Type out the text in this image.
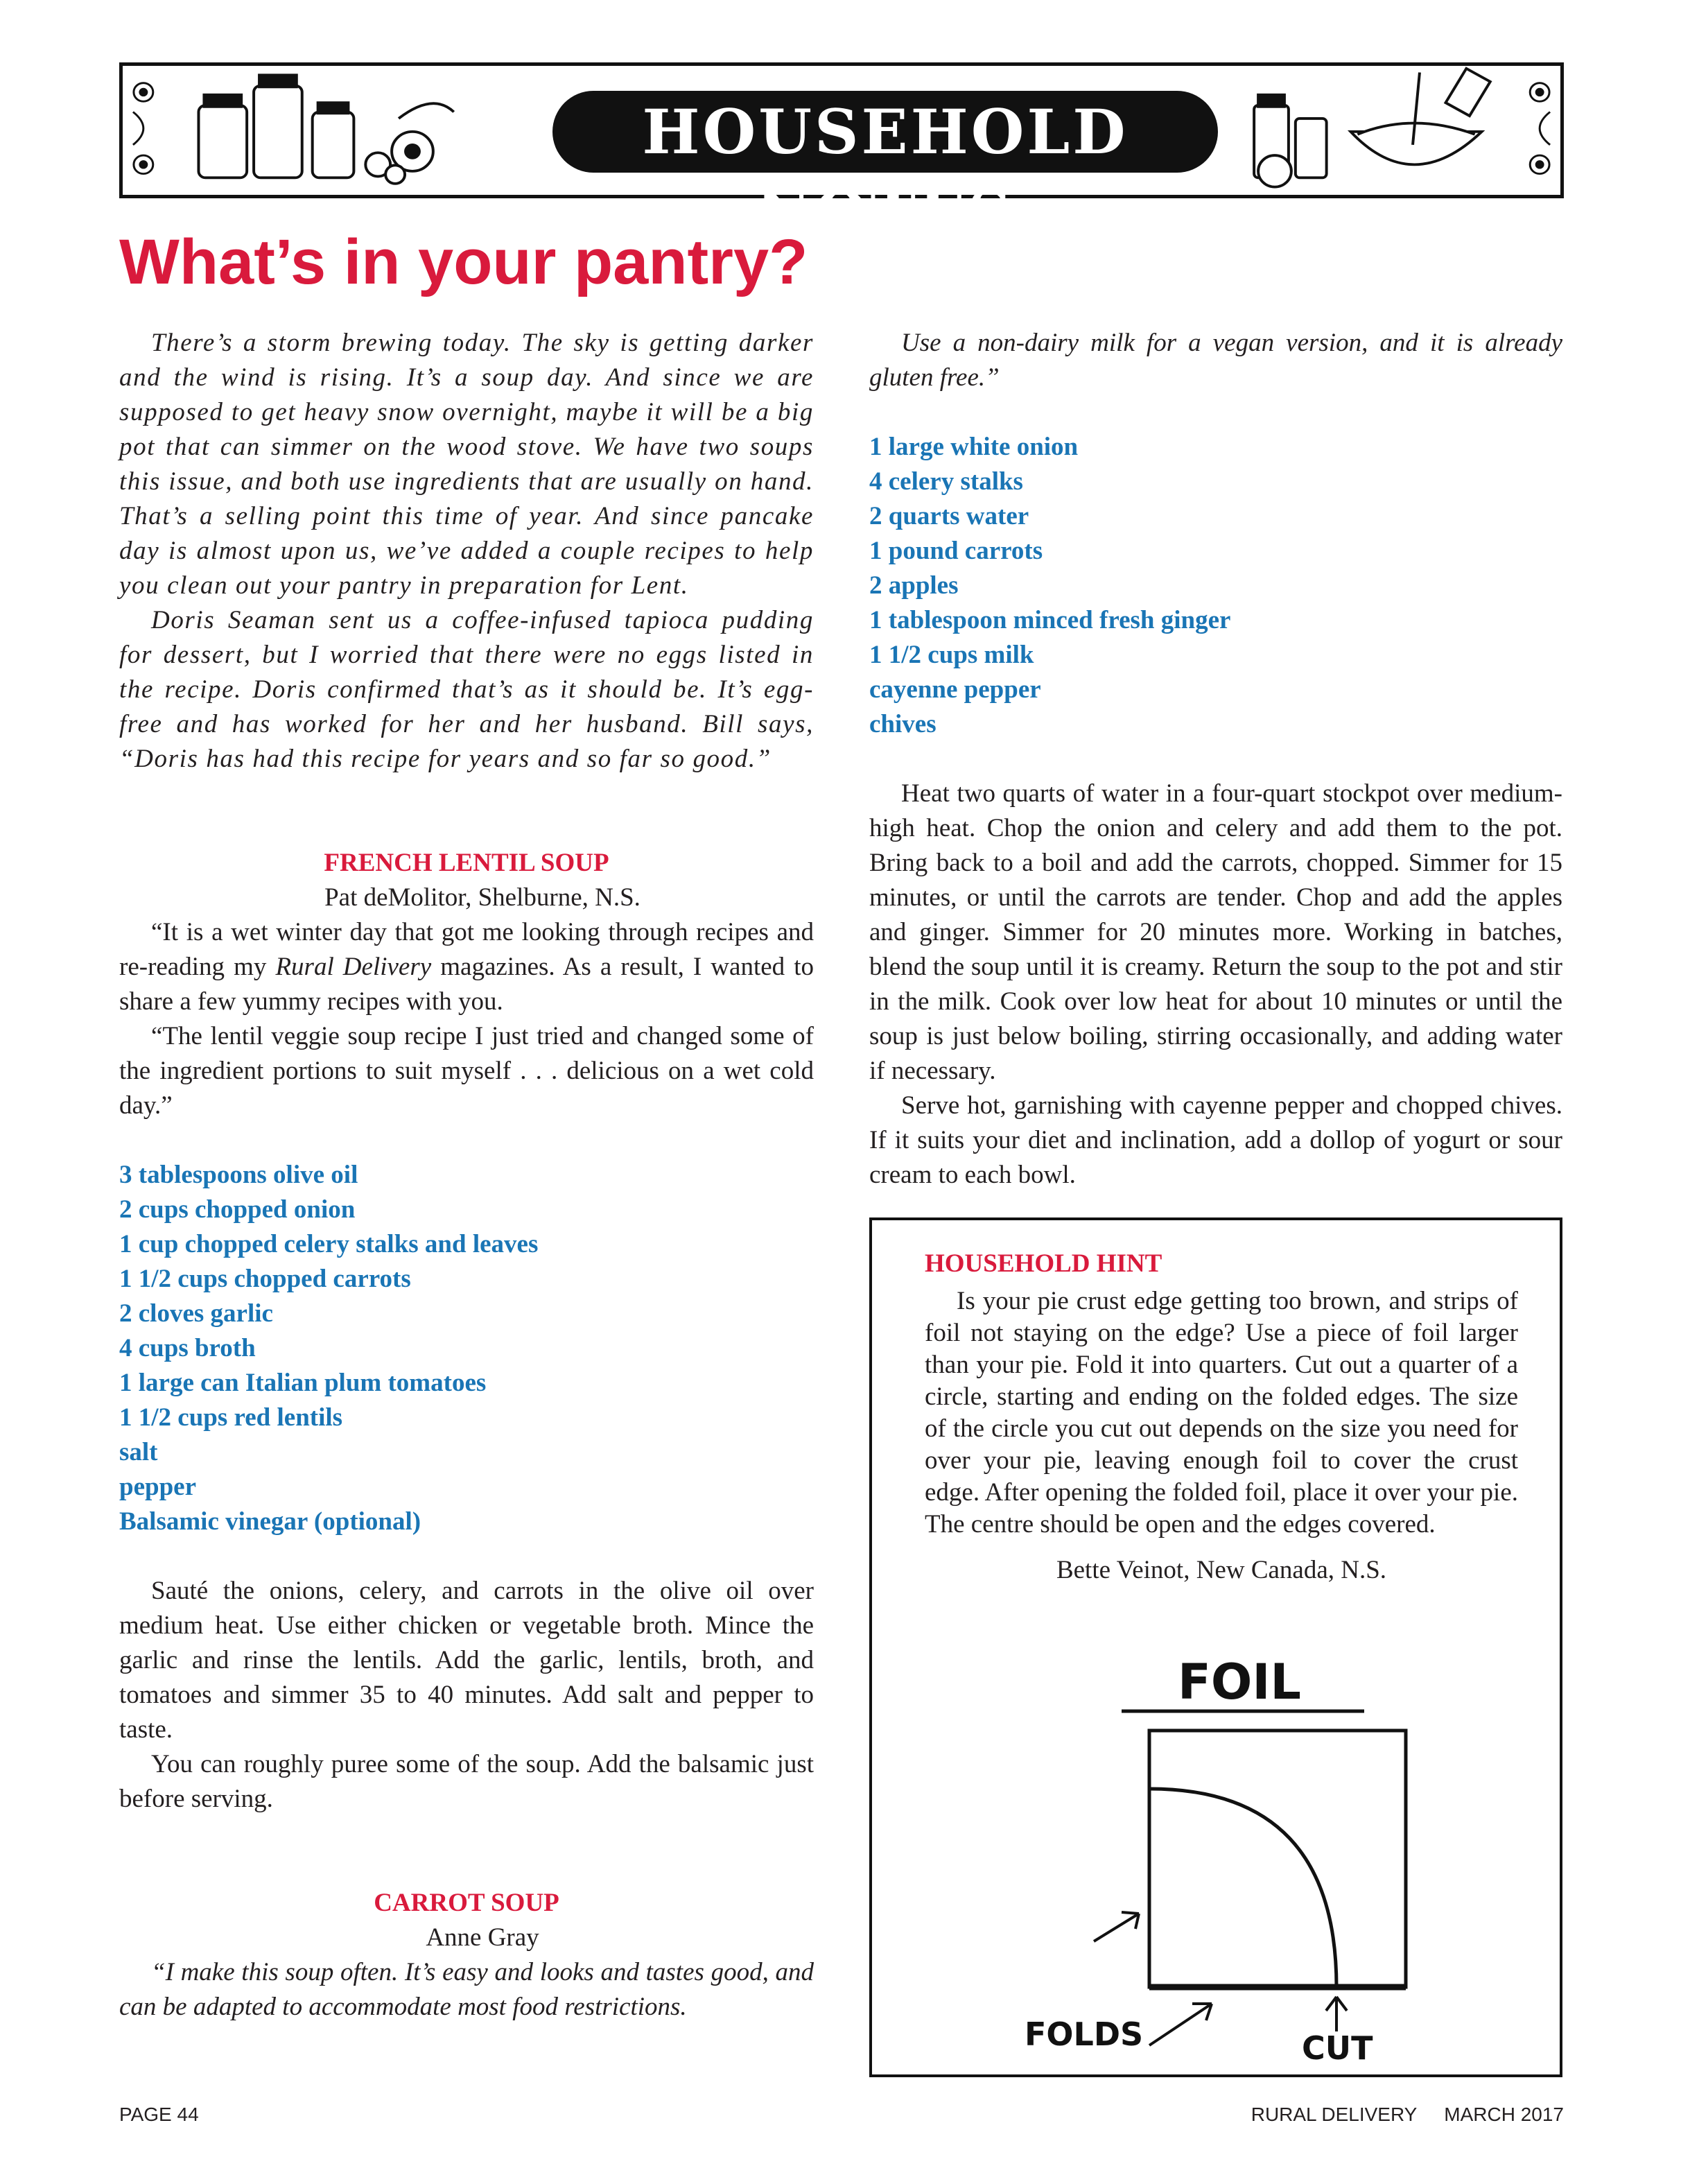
HOUSEHOLD NOTES
What’s in your pantry?

There’s a storm brewing today. The sky is getting darker and the wind is rising. It’s a soup day. And since we are supposed to get heavy snow overnight, maybe it will be a big pot that can simmer on the wood stove. We have two soups this issue, and both use ingredients that are usually on hand. That’s a selling point this time of year. And since pancake day is almost upon us, we’ve added a couple recipes to help you clean out your pantry in preparation for Lent.

Doris Seaman sent us a coffee-infused tapioca pudding for dessert, but I worried that there were no eggs listed in the recipe. Doris confirmed that’s as it should be. It’s egg-free and has worked for her and her husband. Bill says, “Doris has had this recipe for years and so far so good.”

FRENCH LENTIL SOUP

Pat deMolitor, Shelburne, N.S.

“It is a wet winter day that got me looking through recipes and re-reading my Rural Delivery magazines. As a result, I wanted to share a few yummy recipes with you.

“The lentil veggie soup recipe I just tried and changed some of the ingredient portions to suit myself . . . delicious on a wet cold day.”

3 tablespoons olive oil
2 cups chopped onion
1 cup chopped celery stalks and leaves
1 1/2 cups chopped carrots
2 cloves garlic
4 cups broth
1 large can Italian plum tomatoes
1 1/2 cups red lentils
salt
pepper
Balsamic vinegar (optional)

Sauté the onions, celery, and carrots in the olive oil over medium heat. Use either chicken or vegetable broth. Mince the garlic and rinse the lentils. Add the garlic, lentils, broth, and tomatoes and simmer 35 to 40 minutes. Add salt and pepper to taste.

You can roughly puree some of the soup. Add the balsamic just before serving.

CARROT SOUP

Anne Gray

“I make this soup often. It’s easy and looks and tastes good, and can be adapted to accommodate most food restrictions.

Use a non-dairy milk for a vegan version, and it is already gluten free.”

1 large white onion
4 celery stalks
2 quarts water
1 pound carrots
2 apples
1 tablespoon minced fresh ginger
1 1/2 cups milk
cayenne pepper
chives

Heat two quarts of water in a four-quart stockpot over medium-high heat. Chop the onion and celery and add them to the pot. Bring back to a boil and add the carrots, chopped. Simmer for 15 minutes, or until the carrots are tender. Chop and add the apples and ginger. Simmer for 20 minutes more. Working in batches, blend the soup until it is creamy. Return the soup to the pot and stir in the milk. Cook over low heat for about 10 minutes or until the soup is just below boiling, stirring occasionally, and adding water if necessary.

Serve hot, garnishing with cayenne pepper and chopped chives. If it suits your diet and inclination, add a dollop of yogurt or sour cream to each bowl.

HOUSEHOLD HINT

Is your pie crust edge getting too brown, and strips of foil not staying on the edge? Use a piece of foil larger than your pie. Fold it into quarters. Cut out a quarter of a circle, starting and ending on the folded edges. The size of the circle you cut out depends on the size you need for over your pie, leaving enough foil to cover the crust edge. After opening the folded foil, place it over your pie. The centre should be open and the edges covered.

Bette Veinot, New Canada, N.S.
FOIL
FOLDS	CUT
PAGE 44	RURAL DELIVERY MARCH 2017
